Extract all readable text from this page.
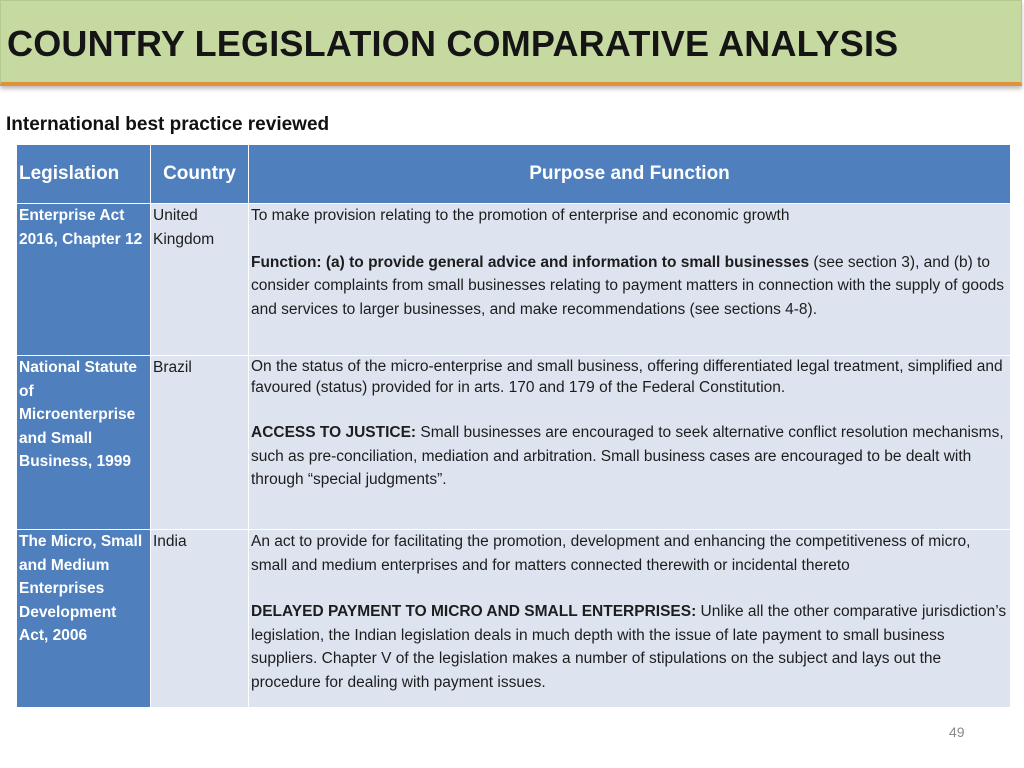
COUNTRY LEGISLATION COMPARATIVE ANALYSIS
International best practice reviewed
Legislation	Country	Purpose and Function
Enterprise Act 2016, Chapter 12	United Kingdom	To make provision relating to the promotion of enterprise and economic growth

Function: (a) to provide general advice and information to small businesses (see section 3), and (b) to consider complaints from small businesses relating to payment matters in connection with the supply of goods and services to larger businesses, and make recommendations (see sections 4-8).

National Statute of Microenterprise and Small Business, 1999	Brazil	On the status of the micro-enterprise and small business, offering differentiated legal treatment, simplified and favoured (status) provided for in arts. 170 and 179 of the Federal Constitution.

ACCESS TO JUSTICE: Small businesses are encouraged to seek alternative conflict resolution mechanisms, such as pre-conciliation, mediation and arbitration. Small business cases are encouraged to be dealt with through “special judgments”.

The Micro, Small and Medium Enterprises Development Act, 2006	India	An act to provide for facilitating the promotion, development and enhancing the competitiveness of micro, small and medium enterprises and for matters connected therewith or incidental thereto

DELAYED PAYMENT TO MICRO AND SMALL ENTERPRISES: Unlike all the other comparative jurisdiction’s legislation, the Indian legislation deals in much depth with the issue of late payment to small business suppliers. Chapter V of the legislation makes a number of stipulations on the subject and lays out the procedure for dealing with payment issues.

49
